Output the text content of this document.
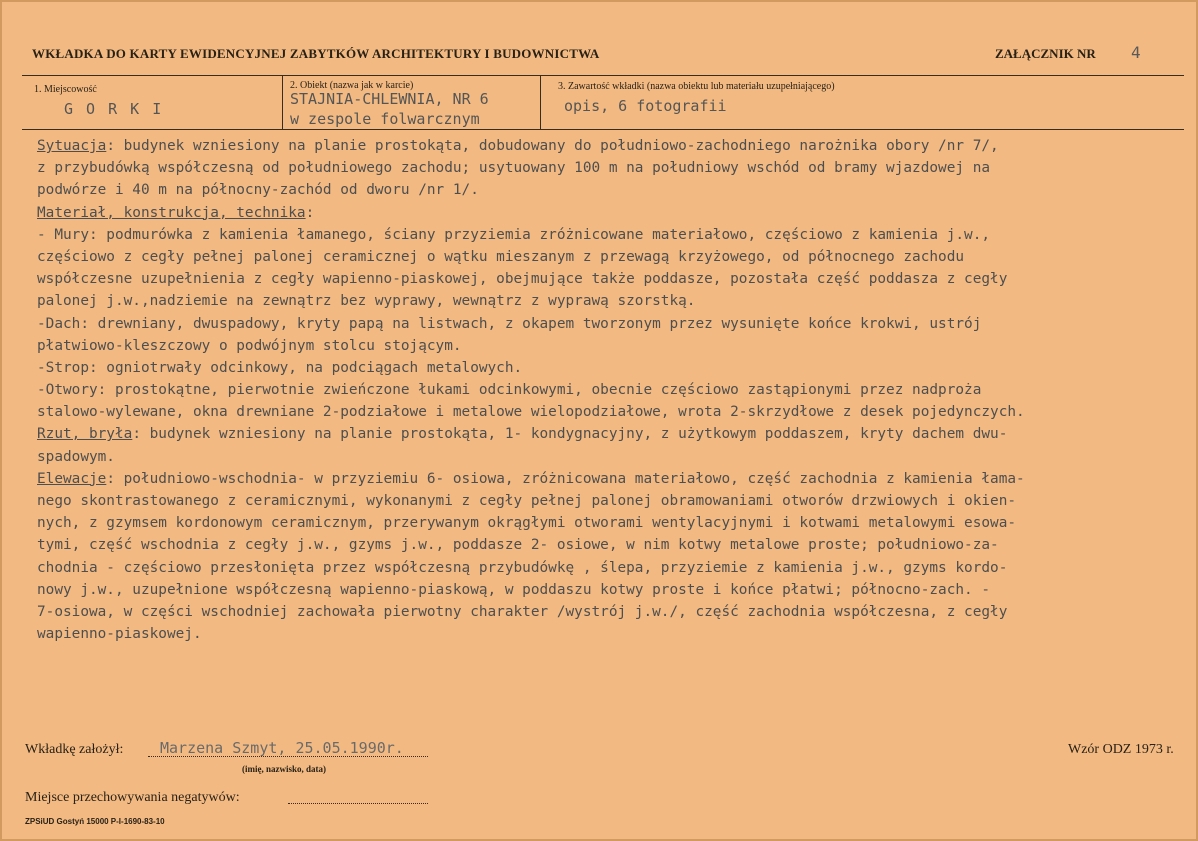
WKŁADKA DO KARTY EWIDENCYJNEJ ZABYTKÓW ARCHITEKTURY I BUDOWNICTWA	ZAŁĄCZNIK NR 4
1. Miejscowość
G O R K I
2. Obiekt (nazwa jak w karcie)
STAJNIA-CHLEWNIA, NR 6
w zespole folwarcznym
3. Zawartość wkładki (nazwa obiektu lub materiału uzupełniającego)
opis, 6 fotografii
Sytuacja: budynek wzniesiony na planie prostokąta, dobudowany do południowo-zachodniego narożnika obory /nr 7/,
z przybudówką współczesną od południowego zachodu; usytuowany 100 m na południowy wschód od bramy wjazdowej na
podwórze i 40 m na północny-zachód od dworu /nr 1/.
Materiał, konstrukcja, technika:
- Mury: podmurówka z kamienia łamanego, ściany przyziemia zróżnicowane materiałowo, częściowo z kamienia j.w.,
częściowo z cegły pełnej palonej ceramicznej o wątku mieszanym z przewagą krzyżowego, od północnego zachodu
współczesne uzupełnienia z cegły wapienno-piaskowej, obejmujące także poddasze, pozostała część poddasza z cegły
palonej j.w.,nadziemie na zewnątrz bez wyprawy, wewnątrz z wyprawą szorstką.
-Dach: drewniany, dwuspadowy, kryty papą na listwach, z okapem tworzonym przez wysunięte końce krokwi, ustrój
płatwiowo-kleszczowy o podwójnym stolcu stojącym.
-Strop: ogniotrwały odcinkowy, na podciągach metalowych.
-Otwory: prostokątne, pierwotnie zwieńczone łukami odcinkowymi, obecnie częściowo zastąpionymi przez nadproża
stalowo-wylewane, okna drewniane 2-podziałowe i metalowe wielopodziałowe, wrota 2-skrzydłowe z desek pojedynczych.
Rzut, bryła: budynek wzniesiony na planie prostokąta, 1- kondygnacyjny, z użytkowym poddaszem, kryty dachem dwu-
spadowym.
Elewacje: południowo-wschodnia- w przyziemiu 6- osiowa, zróżnicowana materiałowo, część zachodnia z kamienia łama-
nego skontrastowanego z ceramicznymi, wykonanymi z cegły pełnej palonej obramowaniami otworów drzwiowych i okien-
nych, z gzymsem kordonowym ceramicznym, przerywanym okrągłymi otworami wentylacyjnymi i kotwami metalowymi esowa-
tymi, część wschodnia z cegły j.w., gzyms j.w., poddasze 2- osiowe, w nim kotwy metalowe proste; południowo-za-
chodnia - częściowo przesłonięta przez współczesną przybudówkę , ślepa, przyziemie z kamienia j.w., gzyms kordo-
nowy j.w., uzupełnione współczesną wapienno-piaskową, w poddaszu kotwy proste i końce płatwi; północno-zach. -
7-osiowa, w części wschodniej zachowała pierwotny charakter /wystrój j.w./, część zachodnia współczesna, z cegły
wapienno-piaskowej.
Wkładkę założył: Marzena Szmyt, 25.05.1990r.
(imię, nazwisko, data)
Wzór ODZ 1973 r.
Miejsce przechowywania negatywów:
ZPSiUD Gostyń 15000 P-I-1690-83-10
